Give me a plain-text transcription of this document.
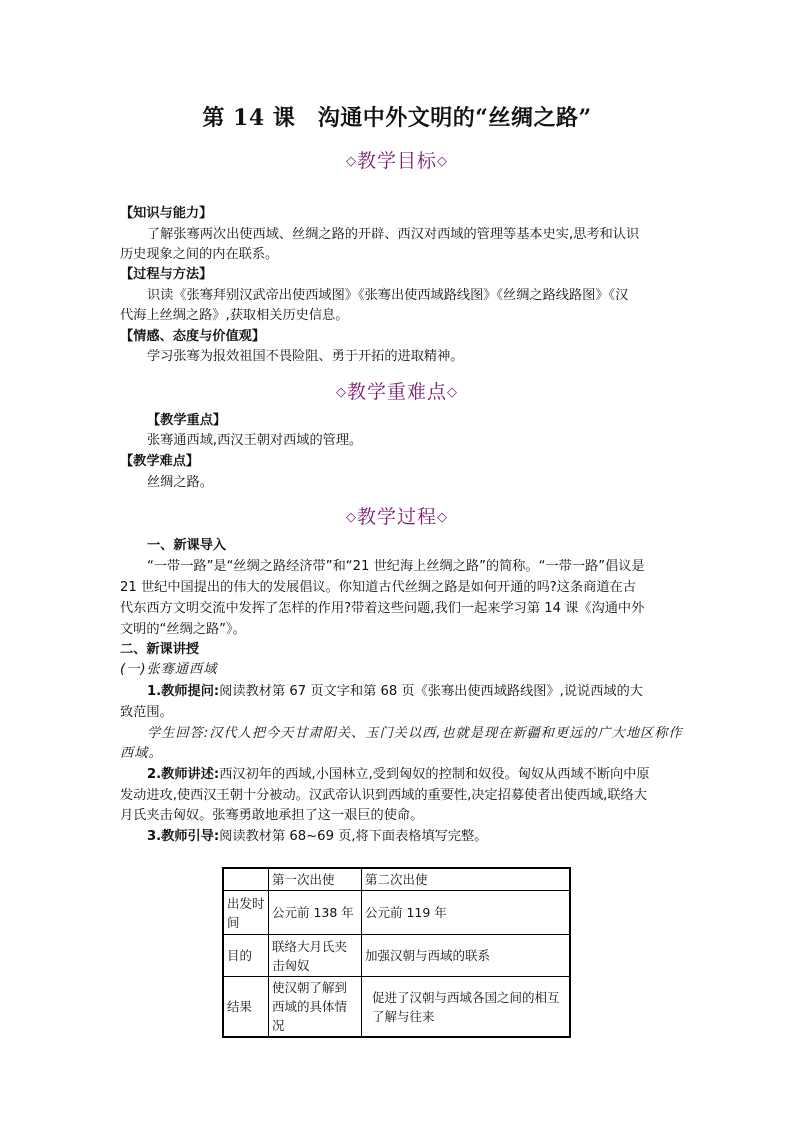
第 14 课　沟通中外文明的“丝绸之路”
◇教学目标◇
【知识与能力】
了解张骞两次出使西域、丝绸之路的开辟、西汉对西域的管理等基本史实,思考和认识
历史现象之间的内在联系。
【过程与方法】
识读《张骞拜别汉武帝出使西域图》《张骞出使西域路线图》《丝绸之路线路图》《汉
代海上丝绸之路》,获取相关历史信息。
【情感、态度与价值观】
学习张骞为报效祖国不畏险阻、勇于开拓的进取精神。
◇教学重难点◇
【教学重点】
张骞通西域,西汉王朝对西域的管理。
【教学难点】
丝绸之路。
◇教学过程◇
一、新课导入
“一带一路”是“丝绸之路经济带”和“21 世纪海上丝绸之路”的简称。“一带一路”倡议是
21 世纪中国提出的伟大的发展倡议。你知道古代丝绸之路是如何开通的吗?这条商道在古
代东西方文明交流中发挥了怎样的作用?带着这些问题,我们一起来学习第 14 课《沟通中外
文明的“丝绸之路”》。
二、新课讲授
(一)张骞通西域
1.教师提问:阅读教材第 67 页文字和第 68 页《张骞出使西域路线图》,说说西域的大
致范围。
学生回答:汉代人把今天甘肃阳关、玉门关以西,也就是现在新疆和更远的广大地区称作
西域。
2.教师讲述:西汉初年的西域,小国林立,受到匈奴的控制和奴役。匈奴从西域不断向中原
发动进攻,使西汉王朝十分被动。汉武帝认识到西域的重要性,决定招募使者出使西域,联络大
月氏夹击匈奴。张骞勇敢地承担了这一艰巨的使命。
3.教师引导:阅读教材第 68~69 页,将下面表格填写完整。
	第一次出使	第二次出使
出发时间	公元前 138 年	公元前 119 年
目的	联络大月氏夹击匈奴	加强汉朝与西域的联系
结果	使汉朝了解到西域的具体情况	促进了汉朝与西域各国之间的相互了解与往来
